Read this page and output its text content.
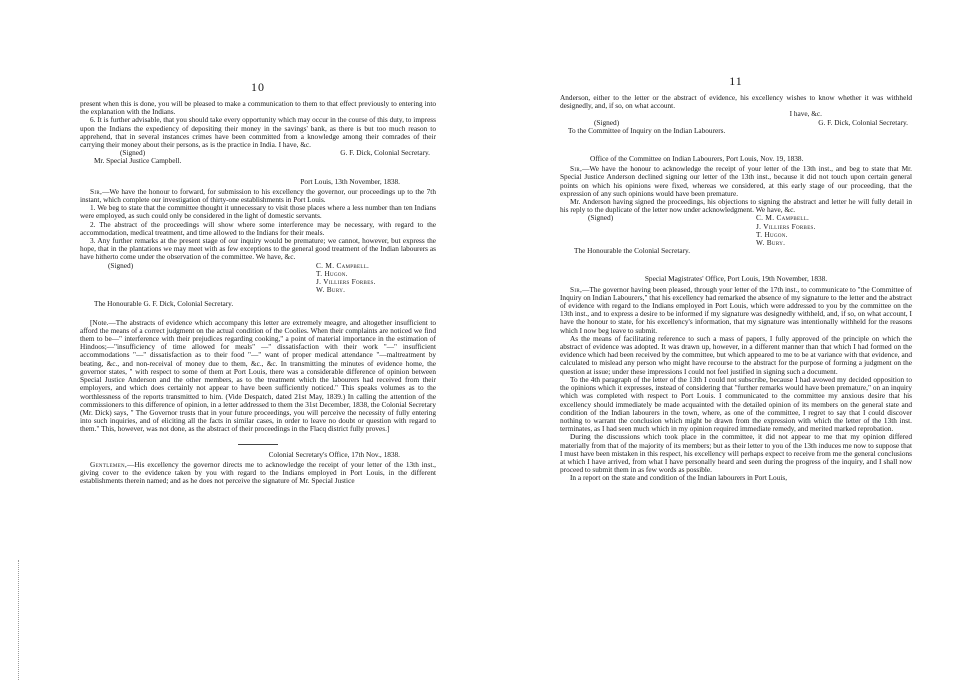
10

present when this is done, you will be pleased to make a communication to them to that effect previously to entering into the explanation with the Indians.

6. It is further advisable, that you should take every opportunity which may occur in the course of this duty, to impress upon the Indians the expediency of depositing their money in the savings' bank, as there is but too much reason to apprehend, that in several instances crimes have been committed from a knowledge among their comrades of their carrying their money about their persons, as is the practice in India. I have, &c.

(Signed)	G. F. Dick, Colonial Secretary.

Mr. Special Justice Campbell.

Port Louis, 13th November, 1838.

Sir,—We have the honour to forward, for submission to his excellency the governor, our proceedings up to the 7th instant, which complete our investigation of thirty-one establishments in Port Louis.

1. We beg to state that the committee thought it unnecessary to visit those places where a less number than ten Indians were employed, as such could only be considered in the light of domestic servants.

2. The abstract of the proceedings will show where some interference may be necessary, with regard to the accommodation, medical treatment, and time allowed to the Indians for their meals.

3. Any further remarks at the present stage of our inquiry would be premature; we cannot, however, but express the hope, that in the plantations we may meet with as few exceptions to the general good treatment of the Indian labourers as have hitherto come under the observation of the committee. We have, &c.

(Signed)	C. M. Campbell.
T. Hugon.
J. Villiers Forbes.
W. Bury.

The Honourable G. F. Dick, Colonial Secretary.

[Note.—The abstracts of evidence which accompany this letter are extremely meagre, and altogether insufficient to afford the means of a correct judgment on the actual condition of the Coolies. When their complaints are noticed we find them to be—" interference with their prejudices regarding cooking," a point of material importance in the estimation of Hindoos;—"insufficiency of time allowed for meals" —" dissatisfaction with their work "—" insufficient accommodations "—" dissatisfaction as to their food "—" want of proper medical attendance "—maltreatment by beating, &c., and non-receival of money due to them, &c., &c. In transmitting the minutes of evidence home, the governor states, " with respect to some of them at Port Louis, there was a considerable difference of opinion between Special Justice Anderson and the other members, as to the treatment which the labourers had received from their employers, and which does certainly not appear to have been sufficiently noticed." This speaks volumes as to the worthlessness of the reports transmitted to him. (Vide Despatch, dated 21st May, 1839.) In calling the attention of the commissioners to this difference of opinion, in a letter addressed to them the 31st December, 1838, the Colonial Secretary (Mr. Dick) says, " The Governor trusts that in your future proceedings, you will perceive the necessity of fully entering into such inquiries, and of eliciting all the facts in similar cases, in order to leave no doubt or question with regard to them." This, however, was not done, as the abstract of their proceedings in the Flacq district fully proves.]

Colonial Secretary's Office, 17th Nov., 1838.

Gentlemen,—His excellency the governor directs me to acknowledge the receipt of your letter of the 13th inst., giving cover to the evidence taken by you with regard to the Indians employed in Port Louis, in the different establishments therein named; and as he does not perceive the signature of Mr. Special Justice

11

Anderson, either to the letter or the abstract of evidence, his excellency wishes to know whether it was withheld designedly, and, if so, on what account.

I have, &c.
(Signed)	G. F. Dick, Colonial Secretary.

To the Committee of Inquiry on the Indian Labourers.

Office of the Committee on Indian Labourers, Port Louis, Nov. 19, 1838.

Sir,—We have the honour to acknowledge the receipt of your letter of the 13th inst., and beg to state that Mr. Special Justice Anderson declined signing our letter of the 13th inst., because it did not touch upon certain general points on which his opinions were fixed, whereas we considered, at this early stage of our proceeding, that the expression of any such opinions would have been premature.

Mr. Anderson having signed the proceedings, his objections to signing the abstract and letter he will fully detail in his reply to the duplicate of the letter now under acknowledgment. We have, &c.

(Signed)	C. M. Campbell.
J. Villiers Forbes.
T. Hugon.
W. Bury.

The Honourable the Colonial Secretary.

Special Magistrates' Office, Port Louis, 19th November, 1838.

Sir,—The governor having been pleased, through your letter of the 17th inst., to communicate to "the Committee of Inquiry on Indian Labourers," that his excellency had remarked the absence of my signature to the letter and the abstract of evidence with regard to the Indians employed in Port Louis, which were addressed to you by the committee on the 13th inst., and to express a desire to be informed if my signature was designedly withheld, and, if so, on what account, I have the honour to state, for his excellency's information, that my signature was intentionally withheld for the reasons which I now beg leave to submit.

As the means of facilitating reference to such a mass of papers, I fully approved of the principle on which the abstract of evidence was adopted. It was drawn up, however, in a different manner than that which I had formed on the evidence which had been received by the committee, but which appeared to me to be at variance with that evidence, and calculated to mislead any person who might have recourse to the abstract for the purpose of forming a judgment on the question at issue; under these impressions I could not feel justified in signing such a document.

To the 4th paragraph of the letter of the 13th I could not subscribe, because I had avowed my decided opposition to the opinions which it expresses, instead of considering that "further remarks would have been premature," on an inquiry which was completed with respect to Port Louis. I communicated to the committee my anxious desire that his excellency should immediately be made acquainted with the detailed opinion of its members on the general state and condition of the Indian labourers in the town, where, as one of the committee, I regret to say that I could discover nothing to warrant the conclusion which might be drawn from the expression with which the letter of the 13th inst. terminates, as I had seen much which in my opinion required immediate remedy, and merited marked reprobation.

During the discussions which took place in the committee, it did not appear to me that my opinion differed materially from that of the majority of its members; but as their letter to you of the 13th induces me now to suppose that I must have been mistaken in this respect, his excellency will perhaps expect to receive from me the general conclusions at which I have arrived, from what I have personally heard and seen during the progress of the inquiry, and I shall now proceed to submit them in as few words as possible.

In a report on the state and condition of the Indian labourers in Port Louis,
